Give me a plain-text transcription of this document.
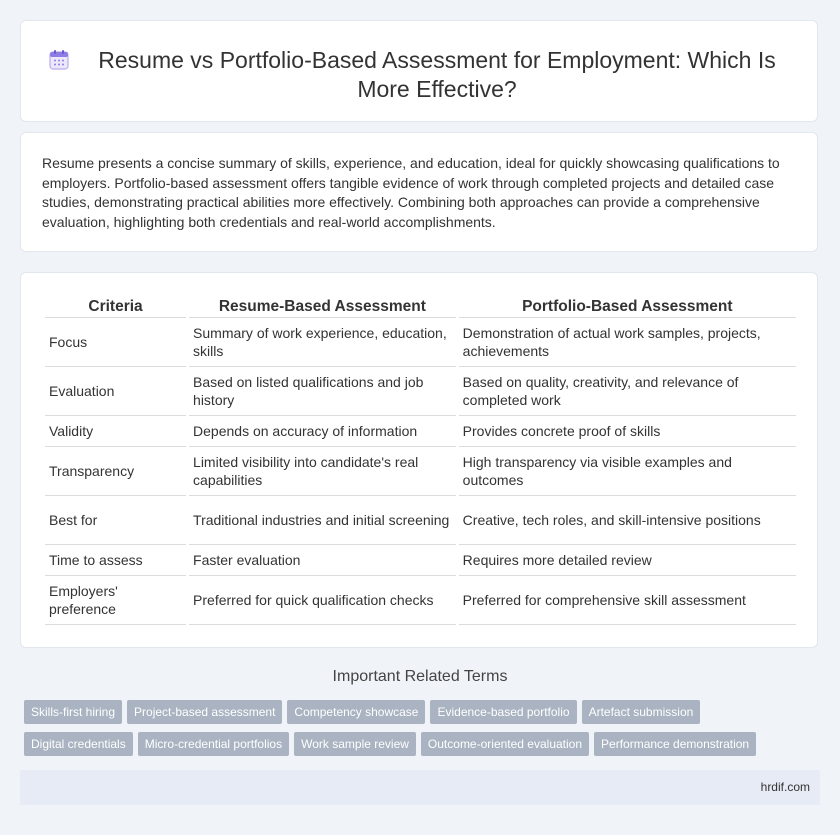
Resume vs Portfolio-Based Assessment for Employment: Which Is More Effective?

Resume presents a concise summary of skills, experience, and education, ideal for quickly showcasing qualifications to employers. Portfolio-based assessment offers tangible evidence of work through completed projects and detailed case studies, demonstrating practical abilities more effectively. Combining both approaches can provide a comprehensive evaluation, highlighting both credentials and real-world accomplishments.

Criteria	Resume-Based Assessment	Portfolio-Based Assessment
Focus	Summary of work experience, education, skills	Demonstration of actual work samples, projects, achievements
Evaluation	Based on listed qualifications and job history	Based on quality, creativity, and relevance of completed work
Validity	Depends on accuracy of information	Provides concrete proof of skills
Transparency	Limited visibility into candidate's real capabilities	High transparency via visible examples and outcomes
Best for	Traditional industries and initial screening	Creative, tech roles, and skill-intensive positions
Time to assess	Faster evaluation	Requires more detailed review
Employers' preference	Preferred for quick qualification checks	Preferred for comprehensive skill assessment
Important Related Terms
Skills-first hiring Project-based assessment Competency showcase Evidence-based portfolio Artefact submission
Digital credentials Micro-credential portfolios Work sample review Outcome-oriented evaluation Performance demonstration
hrdif.com
